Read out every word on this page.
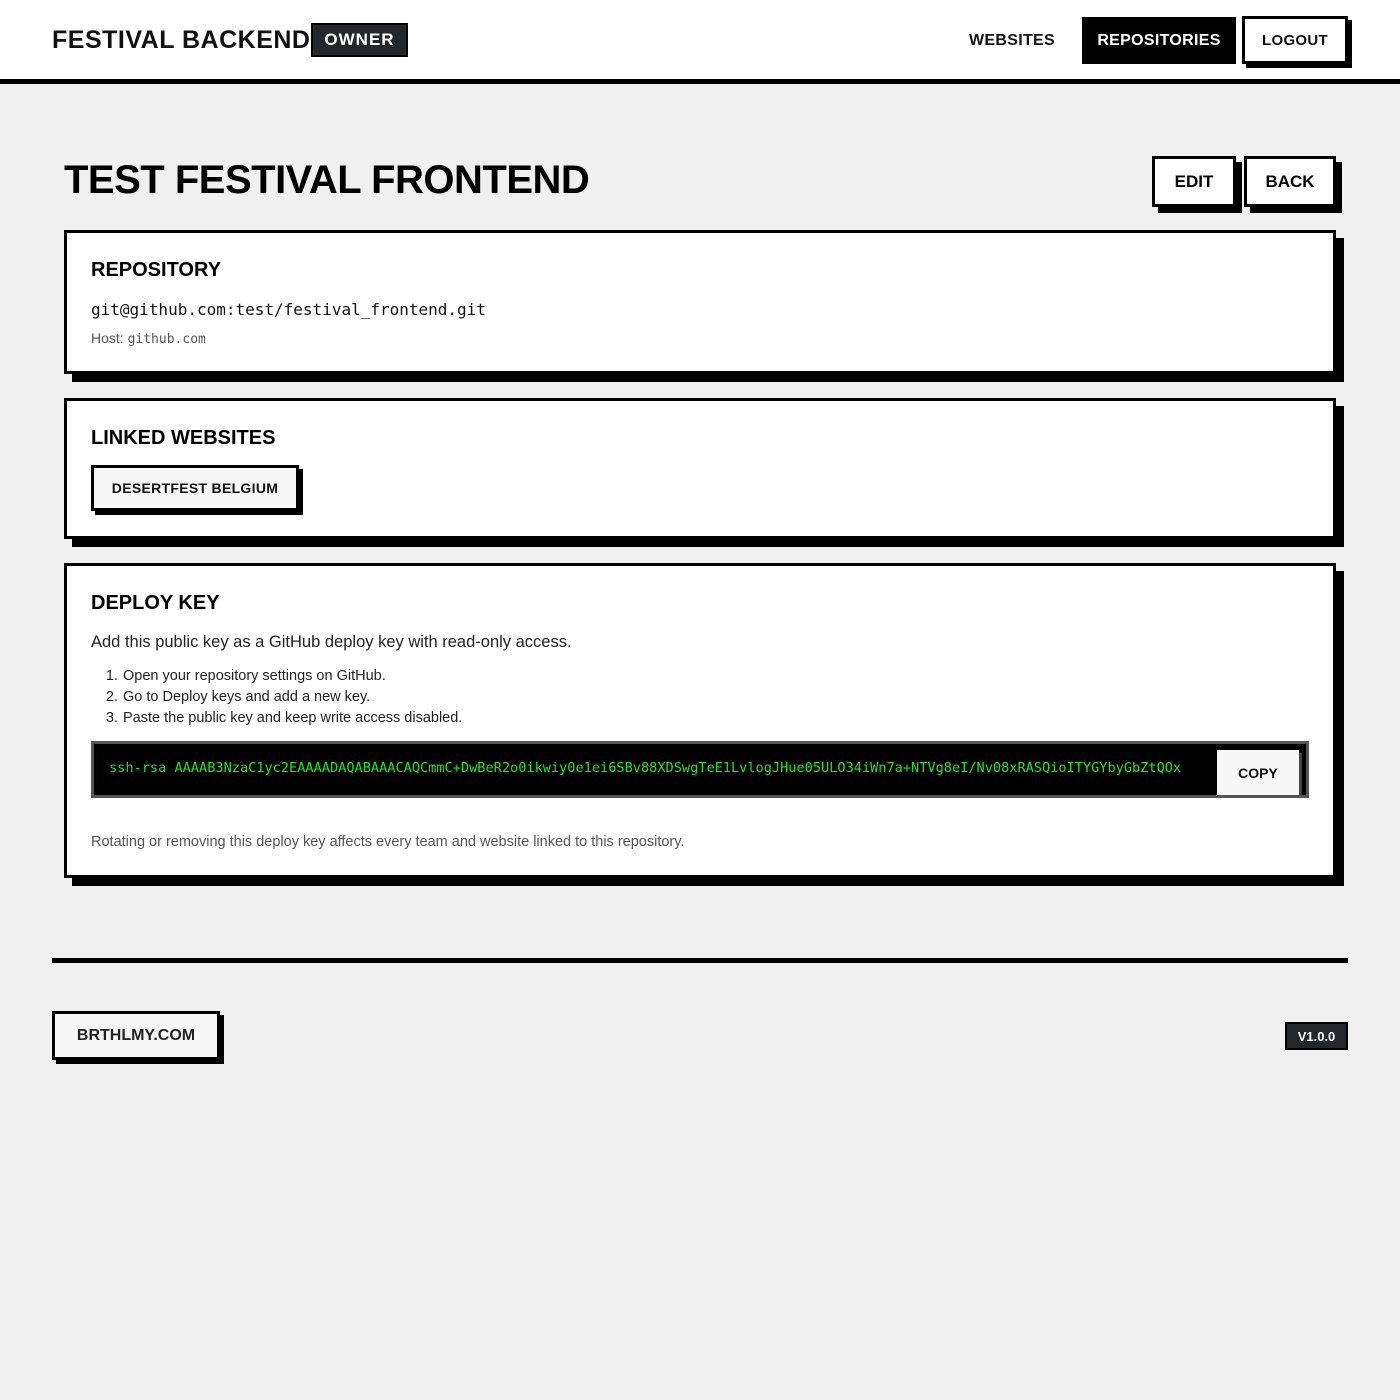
FESTIVAL BACKEND OWNER	WEBSITES	REPOSITORIES	LOGOUT
TEST FESTIVAL FRONTEND	EDIT	BACK
REPOSITORY
git@github.com:test/festival_frontend.git
Host: github.com
LINKED WEBSITES
DESERTFEST BELGIUM
DEPLOY KEY

Add this public key as a GitHub deploy key with read-only access.

1. Open your repository settings on GitHub.
2. Go to Deploy keys and add a new key.
3. Paste the public key and keep write access disabled.
ssh-rsa AAAAB3NzaC1yc2EAAAADAQABAAACAQCmmC+DwBeR2o0ikwiy0e1ei6SBv88XDSwgTeE1LvlogJHue05ULO34iWn7a+NTVg8eI/Nv08xRASQioITYGYbyGbZtQOx	COPY

Rotating or removing this deploy key affects every team and website linked to this repository.

BRTHLMY.COM	V1.0.0
